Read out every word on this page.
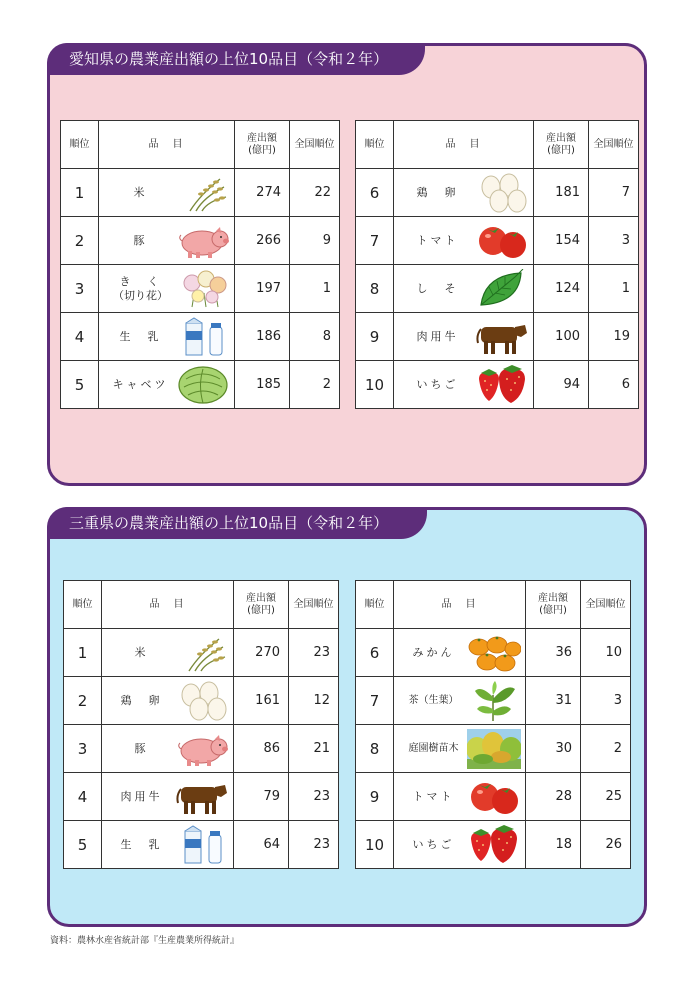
愛知県の農業産出額の上位10品目（令和２年）
順位	品　目	産出額
(億円)	全国順位
1	米	274	22
2	豚	266	9
3	き　く
（切り花）	197	1
4	生　乳	186	8
5	キャベツ	185	2
順位	品　目	産出額
(億円)	全国順位
6	鶏　卵	181	7
7	トマト	154	3
8	し　そ	124	1
9	肉用牛	100	19
10	いちご	94	6
三重県の農業産出額の上位10品目（令和２年）
順位	品　目	産出額
(億円)	全国順位
1	米	270	23
2	鶏　卵	161	12
3	豚	86	21
4	肉用牛	79	23
5	生　乳	64	23
順位	品　目	産出額
(億円)	全国順位
6	みかん	36	10
7	茶（生葉）	31	3
8	庭園樹苗木	30	2
9	トマト	28	25
10	いちご	18	26
資料：農林水産省統計部『生産農業所得統計』
